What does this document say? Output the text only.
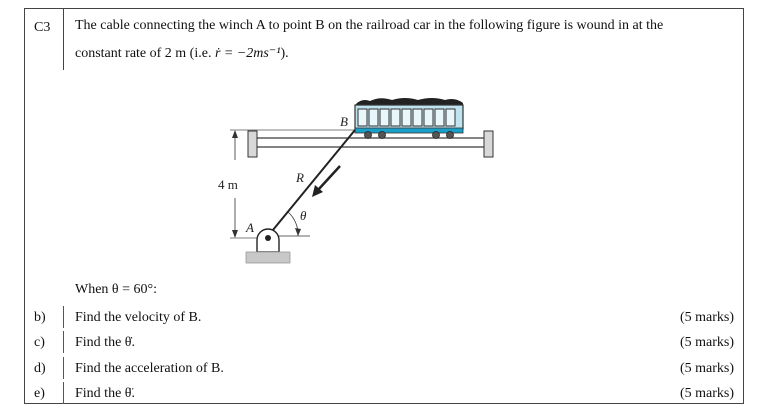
C3 The cable connecting the winch A to point B on the railroad car in the following figure is wound in at the
constant rate of 2 m (i.e. ṙ = −2ms⁻¹).
B
4 m	R
θ
A
When θ = 60°:
b) Find the velocity of B.	(5 marks)
c) Find the θ̇.	(5 marks)
d) Find the acceleration of B.	(5 marks)
e) Find the θ̈.	(5 marks)
